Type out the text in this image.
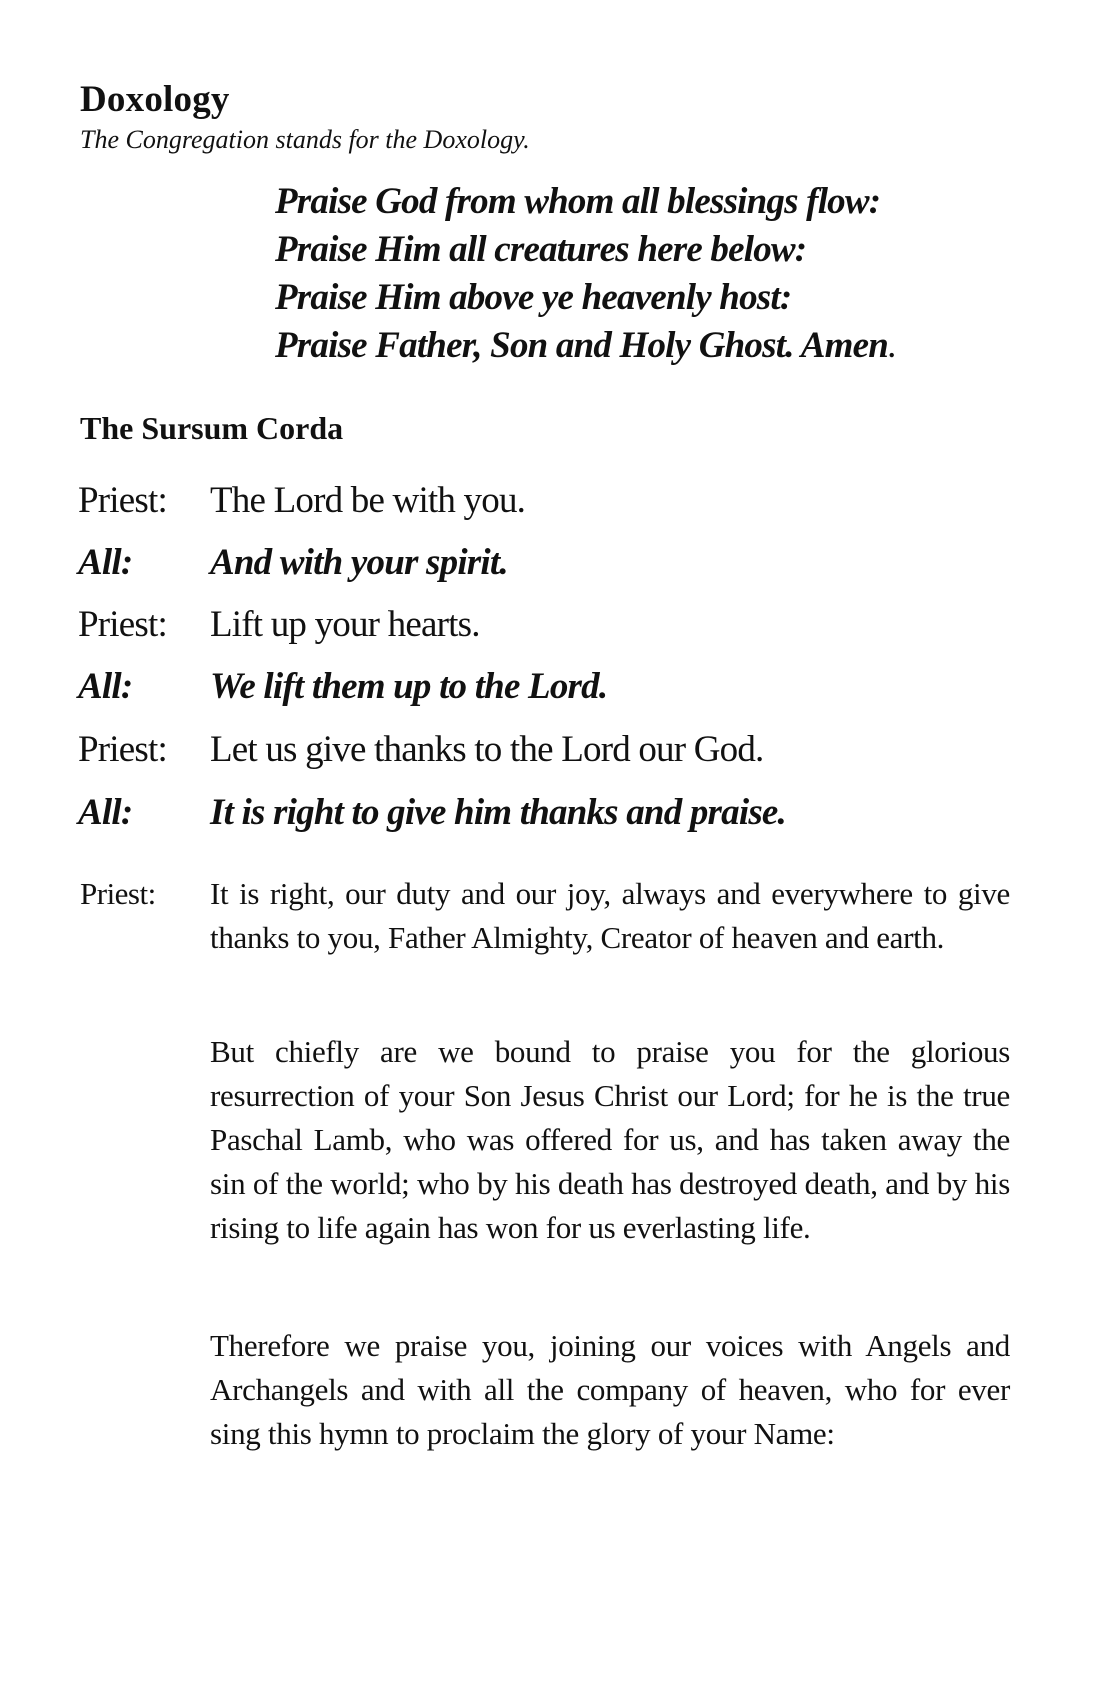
Doxology
The Congregation stands for the Doxology.
Praise God from whom all blessings flow:
Praise Him all creatures here below:
Praise Him above ye heavenly host:
Praise Father, Son and Holy Ghost. Amen.
The Sursum Corda
Priest: The Lord be with you.
All: And with your spirit.
Priest: Lift up your hearts.
All: We lift them up to the Lord.
Priest: Let us give thanks to the Lord our God.
All: It is right to give him thanks and praise.
Priest: It is right, our duty and our joy, always and everywhere to give thanks to you, Father Almighty, Creator of heaven and earth.
But chiefly are we bound to praise you for the glorious resurrection of your Son Jesus Christ our Lord; for he is the true Paschal Lamb, who was offered for us, and has taken away the sin of the world; who by his death has destroyed death, and by his rising to life again has won for us everlasting life.
Therefore we praise you, joining our voices with Angels and Archangels and with all the company of heaven, who for ever sing this hymn to proclaim the glory of your Name:
